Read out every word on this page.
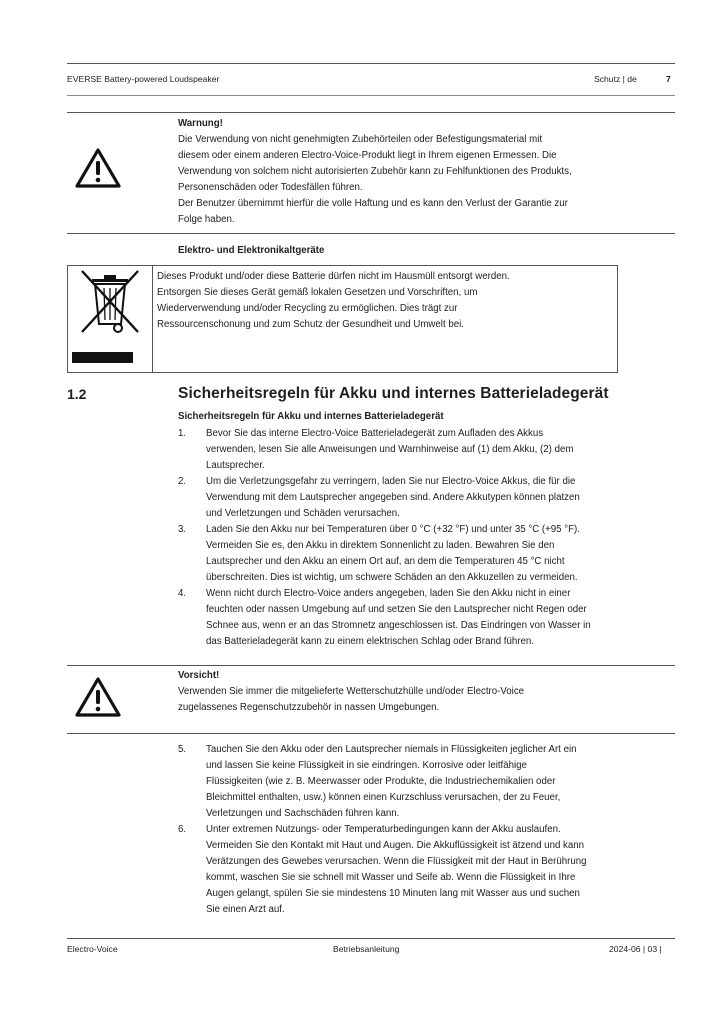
EVERSE Battery-powered Loudspeaker	Schutz | de	7
Warnung!
Die Verwendung von nicht genehmigten Zubehörteilen oder Befestigungsmaterial mit
diesem oder einem anderen Electro-Voice-Produkt liegt in Ihrem eigenen Ermessen. Die
Verwendung von solchem nicht autorisierten Zubehör kann zu Fehlfunktionen des Produkts,
Personenschäden oder Todesfällen führen.
Der Benutzer übernimmt hierfür die volle Haftung und es kann den Verlust der Garantie zur
Folge haben.
Elektro- und Elektronikaltgeräte
Dieses Produkt und/oder diese Batterie dürfen nicht im Hausmüll entsorgt werden.
Entsorgen Sie dieses Gerät gemäß lokalen Gesetzen und Vorschriften, um
Wiederverwendung und/oder Recycling zu ermöglichen. Dies trägt zur
Ressourcenschonung und zum Schutz der Gesundheit und Umwelt bei.
1.2	Sicherheitsregeln für Akku und internes Batterieladegerät
Sicherheitsregeln für Akku und internes Batterieladegerät
1. Bevor Sie das interne Electro-Voice Batterieladegerät zum Aufladen des Akkus
verwenden, lesen Sie alle Anweisungen und Warnhinweise auf (1) dem Akku, (2) dem
Lautsprecher.
2. Um die Verletzungsgefahr zu verringern, laden Sie nur Electro-Voice Akkus, die für die
Verwendung mit dem Lautsprecher angegeben sind. Andere Akkutypen können platzen
und Verletzungen und Schäden verursachen.
3. Laden Sie den Akku nur bei Temperaturen über 0 °C (+32 °F) und unter 35 °C (+95 °F).
Vermeiden Sie es, den Akku in direktem Sonnenlicht zu laden. Bewahren Sie den
Lautsprecher und den Akku an einem Ort auf, an dem die Temperaturen 45 °C nicht
überschreiten. Dies ist wichtig, um schwere Schäden an den Akkuzellen zu vermeiden.
4. Wenn nicht durch Electro-Voice anders angegeben, laden Sie den Akku nicht in einer
feuchten oder nassen Umgebung auf und setzen Sie den Lautsprecher nicht Regen oder
Schnee aus, wenn er an das Stromnetz angeschlossen ist. Das Eindringen von Wasser in
das Batterieladegerät kann zu einem elektrischen Schlag oder Brand führen.
Vorsicht!
Verwenden Sie immer die mitgelieferte Wetterschutzhülle und/oder Electro-Voice
zugelassenes Regenschutzzubehör in nassen Umgebungen.
5. Tauchen Sie den Akku oder den Lautsprecher niemals in Flüssigkeiten jeglicher Art ein
und lassen Sie keine Flüssigkeit in sie eindringen. Korrosive oder leitfähige
Flüssigkeiten (wie z. B. Meerwasser oder Produkte, die Industriechemikalien oder
Bleichmittel enthalten, usw.) können einen Kurzschluss verursachen, der zu Feuer,
Verletzungen und Sachschäden führen kann.
6. Unter extremen Nutzungs- oder Temperaturbedingungen kann der Akku auslaufen.
Vermeiden Sie den Kontakt mit Haut und Augen. Die Akkuflüssigkeit ist ätzend und kann
Verätzungen des Gewebes verursachen. Wenn die Flüssigkeit mit der Haut in Berührung
kommt, waschen Sie sie schnell mit Wasser und Seife ab. Wenn die Flüssigkeit in Ihre
Augen gelangt, spülen Sie sie mindestens 10 Minuten lang mit Wasser aus und suchen
Sie einen Arzt auf.
Electro-Voice	Betriebsanleitung	2024-06 | 03 |
